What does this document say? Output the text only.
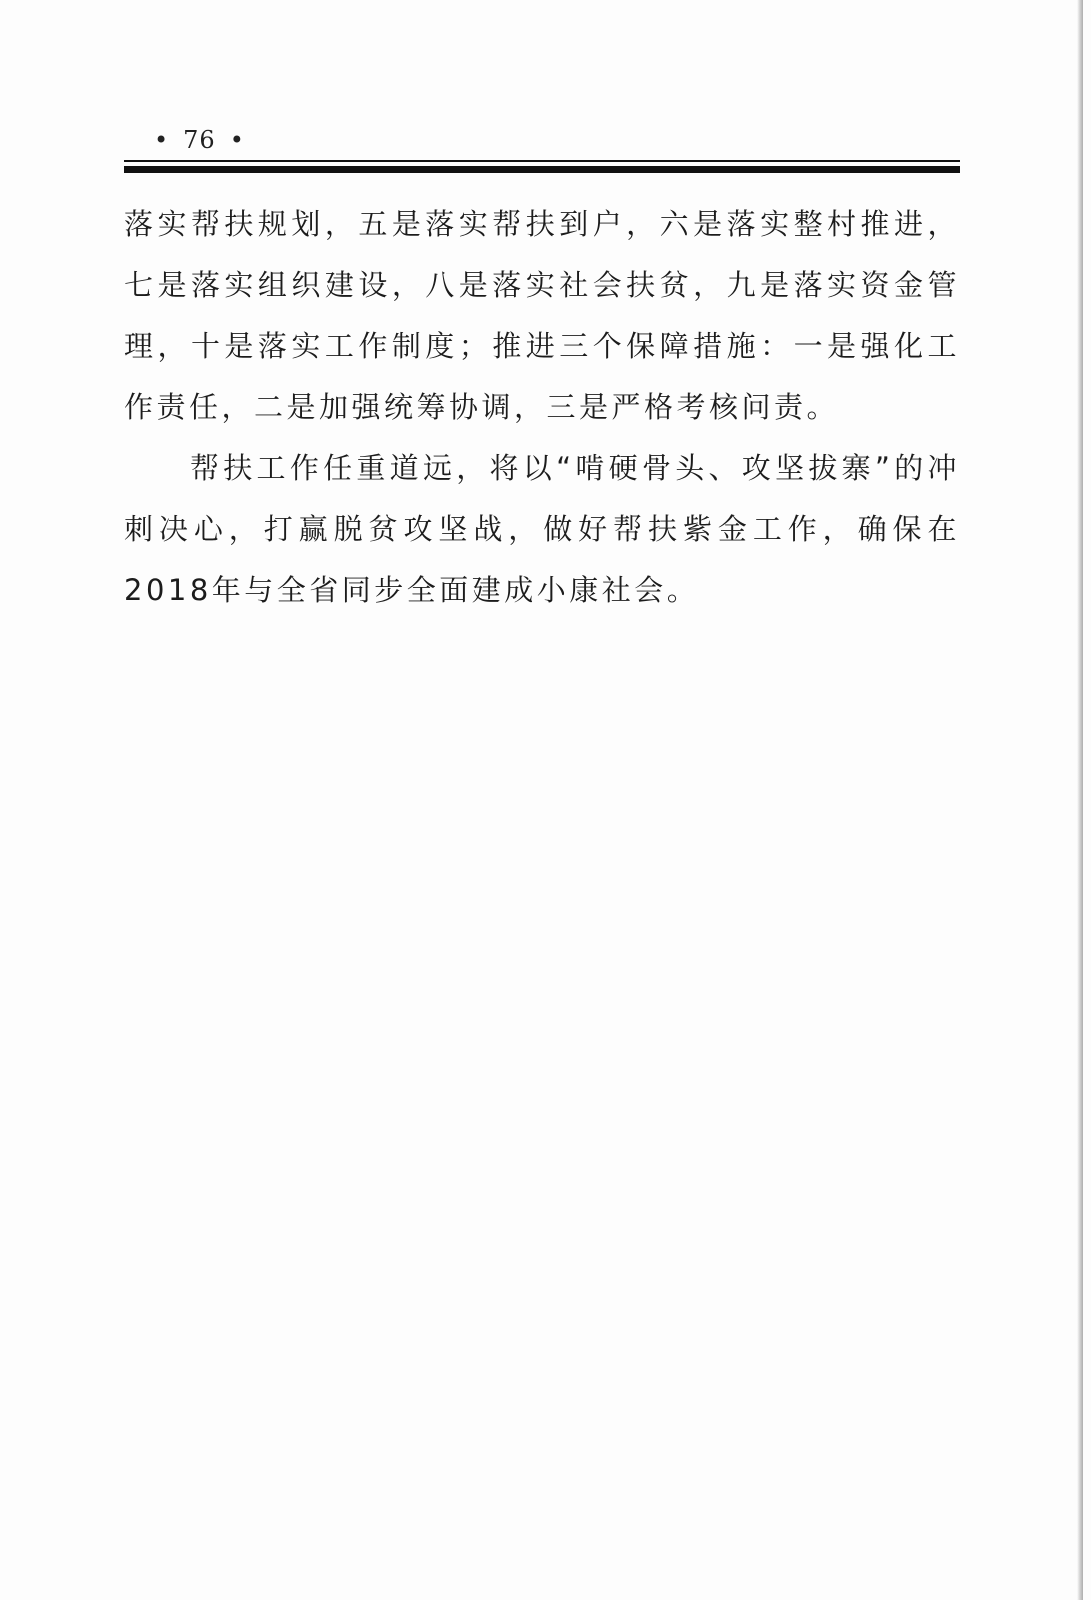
• 76 •

落实帮扶规划，五是落实帮扶到户，六是落实整村推进，七是落实组织建设，八是落实社会扶贫，九是落实资金管理，十是落实工作制度；推进三个保障措施：一是强化工作责任，二是加强统筹协调，三是严格考核问责。

帮扶工作任重道远，将以“啃硬骨头、攻坚拔寨”的冲刺决心，打赢脱贫攻坚战，做好帮扶紫金工作，确保在2018年与全省同步全面建成小康社会。
